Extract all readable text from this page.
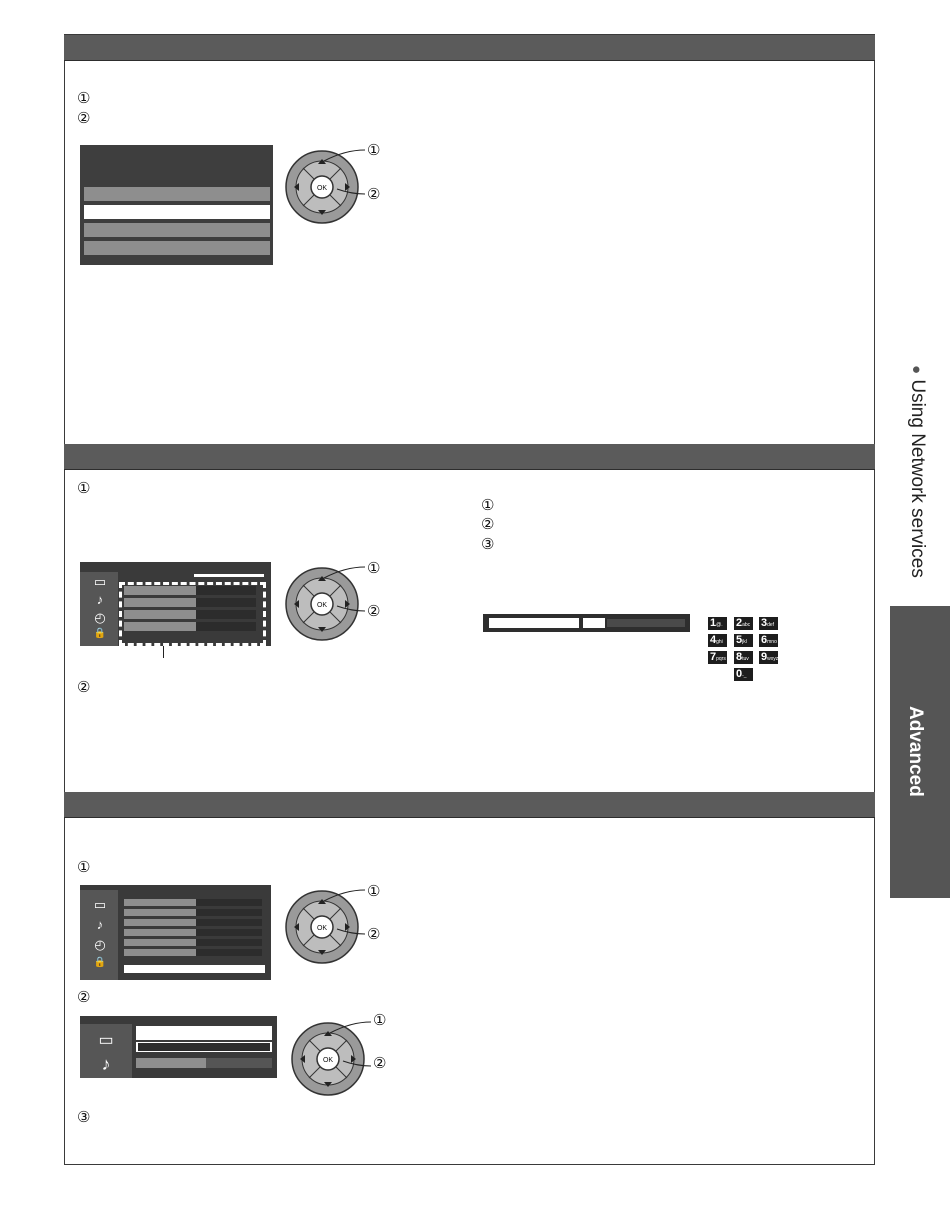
● Using Network services
Advanced
①
②
OK
①
②
①
②
①
②
③
▭
♪
◴
🔒
OK
①
②
1@.	2abc 3def
4ghi	5jkl	6mno
7pqrs 8tuv	9wxyz
0-_
①
②
③
▭
♪
◴
🔒
OK
①
②
▭
♪	OK
①
②
